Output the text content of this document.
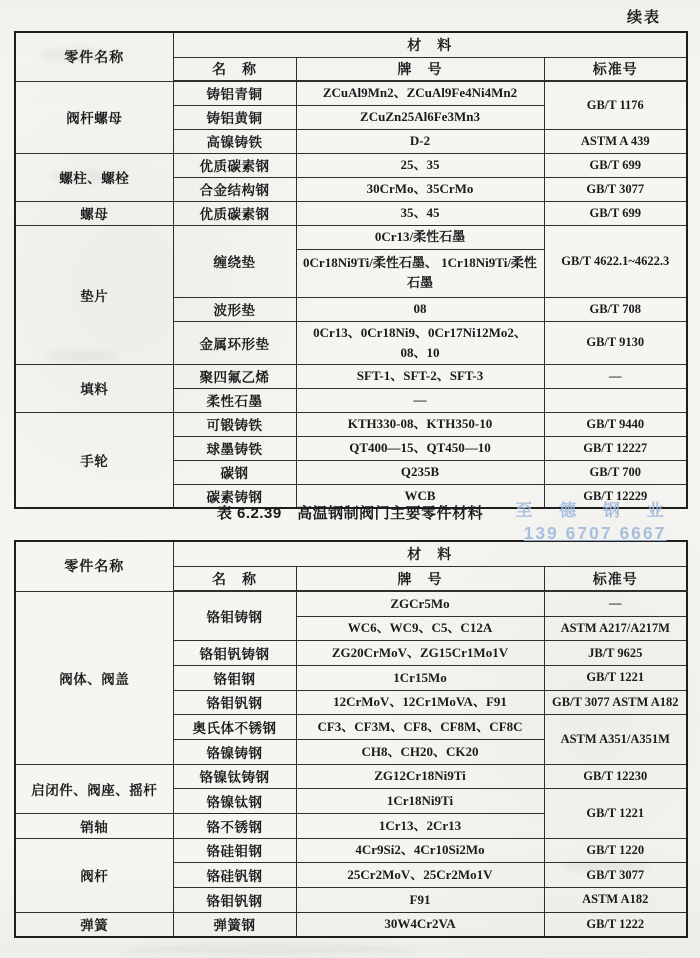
续表
零件名称	材　料		
	名　称	牌　号	标准号
阀杆螺母	铸铝青铜	ZCuAl9Mn2、ZCuAl9Fe4Ni4Mn2	GB/T 1176
	铸铝黄铜	ZCuZn25Al6Fe3Mn3	
	高镍铸铁	D-2	ASTM A 439
螺柱、螺栓	优质碳素钢	25、35	GB/T 699
	合金结构钢	30CrMo、35CrMo	GB/T 3077
螺母	优质碳素钢	35、45	GB/T 699
垫片	缠绕垫	0Cr13/柔性石墨	GB/T 4622.1~4622.3
		0Cr18Ni9Ti/柔性石墨、 1Cr18Ni9Ti/柔性石墨	
	波形垫	08	GB/T 708
	金属环形垫	0Cr13、0Cr18Ni9、0Cr17Ni12Mo2、08、10	GB/T 9130
填料	聚四氟乙烯	SFT-1、SFT-2、SFT-3	—
	柔性石墨	—	
手轮	可锻铸铁	KTH330-08、KTH350-10	GB/T 9440
	球墨铸铁	QT400—15、QT450—10	GB/T 12227
	碳钢	Q235B	GB/T 700
	碳素铸钢	WCB	GB/T 12229
表 6.2.39　高温钢制阀门主要零件材料
零件名称	材　料		
	名　称	牌　号	标准号
阀体、阀盖	铬钼铸钢	ZGCr5Mo	—
		WC6、WC9、C5、C12A	ASTM A217/A217M
	铬钼钒铸钢	ZG20CrMoV、ZG15Cr1Mo1V	JB/T 9625
	铬钼钢	1Cr15Mo	GB/T 1221
	铬钼钒钢	12CrMoV、12Cr1MoVA、F91	GB/T 3077 ASTM A182
	奥氏体不锈钢	CF3、CF3M、CF8、CF8M、CF8C	ASTM A351/A351M
	铬镍铸钢	CH8、CH20、CK20	
启闭件、阀座、摇杆	铬镍钛铸钢	ZG12Cr18Ni9Ti	GB/T 12230
	铬镍钛钢	1Cr18Ni9Ti	GB/T 1221
销轴	铬不锈钢	1Cr13、2Cr13	
阀杆	铬硅钼钢	4Cr9Si2、4Cr10Si2Mo	GB/T 1220
	铬硅钒钢	25Cr2MoV、25Cr2Mo1V	GB/T 3077
	铬钼钒钢	F91	ASTM A182
弹簧	弹簧钢	30W4Cr2VA	GB/T 1222
至 德 钢 业
139 6707 6667
